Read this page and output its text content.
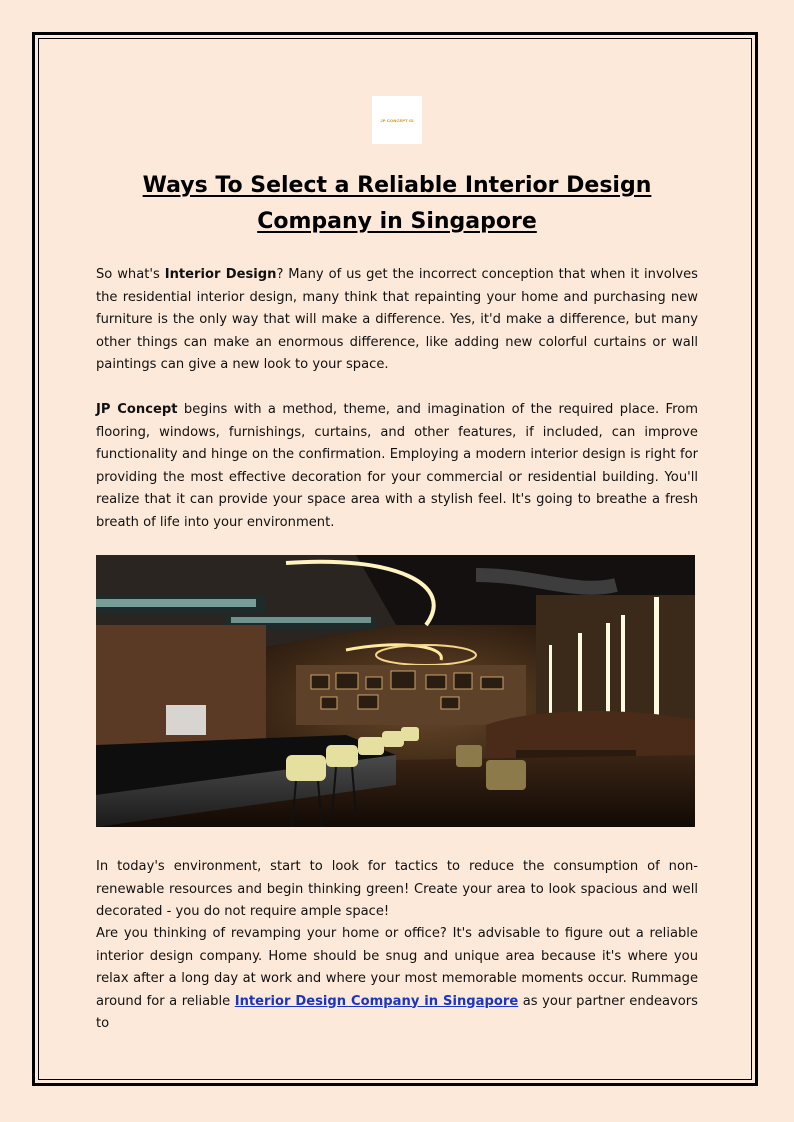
JP CONCEPT ID
Ways To Select a Reliable Interior Design Company in Singapore

So what's Interior Design? Many of us get the incorrect conception that when it involves the residential interior design, many think that repainting your home and purchasing new furniture is the only way that will make a difference. Yes, it'd make a difference, but many other things can make an enormous difference, like adding new colorful curtains or wall paintings can give a new look to your space.

JP Concept begins with a method, theme, and imagination of the required place. From flooring, windows, furnishings, curtains, and other features, if included, can improve functionality and hinge on the confirmation. Employing a modern interior design is right for providing the most effective decoration for your commercial or residential building. You'll realize that it can provide your space area with a stylish feel. It's going to breathe a fresh breath of life into your environment.

In today's environment, start to look for tactics to reduce the consumption of non-renewable resources and begin thinking green! Create your area to look spacious and well decorated - you do not require ample space!

Are you thinking of revamping your home or office? It's advisable to figure out a reliable interior design company. Home should be snug and unique area because it's where you relax after a long day at work and where your most memorable moments occur. Rummage around for a reliable Interior Design Company in Singapore as your partner endeavors to
